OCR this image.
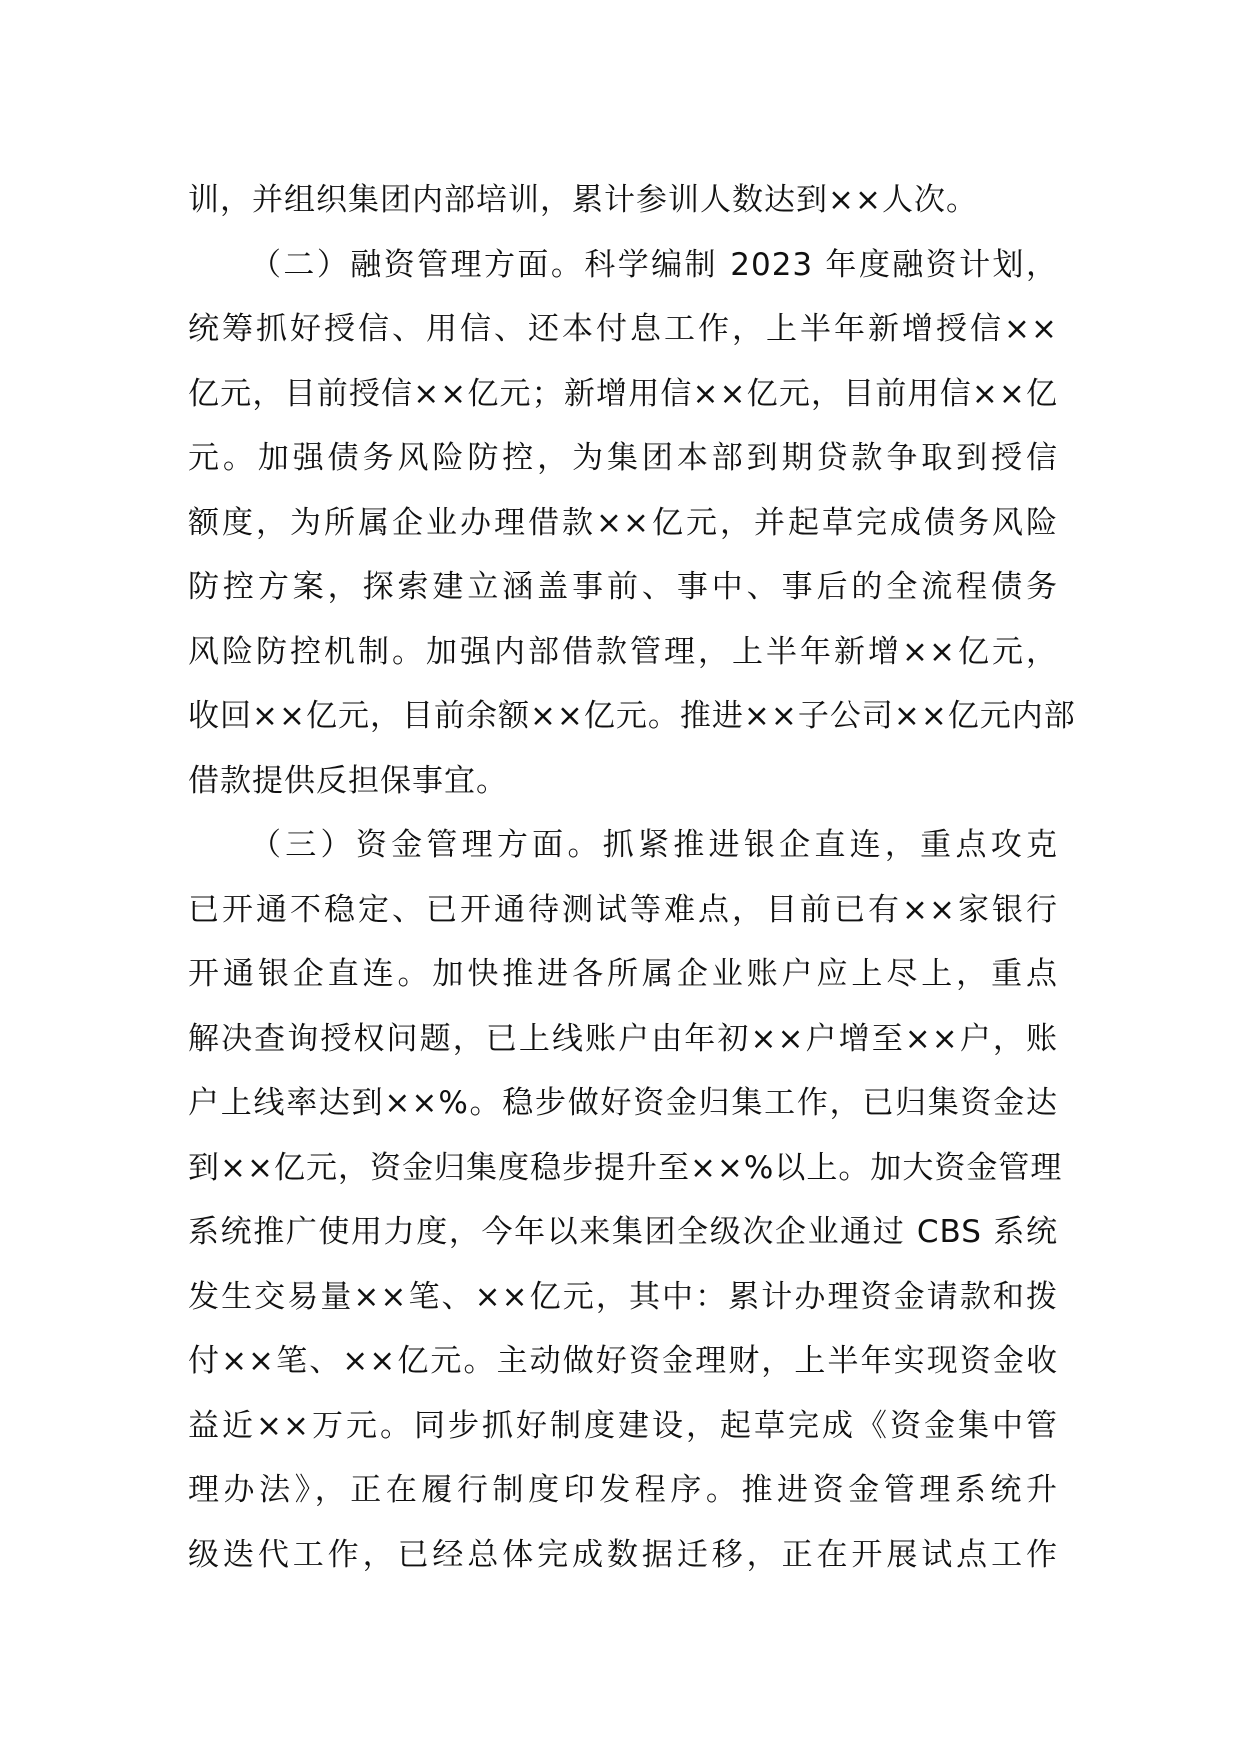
训，并组织集团内部培训，累计参训人数达到××人次。
（二）融资管理方面。科学编制 2023 年度融资计划，
统筹抓好授信、用信、还本付息工作，上半年新增授信××
亿元，目前授信××亿元；新增用信××亿元，目前用信××亿
元。加强债务风险防控，为集团本部到期贷款争取到授信
额度，为所属企业办理借款××亿元，并起草完成债务风险
防控方案，探索建立涵盖事前、事中、事后的全流程债务
风险防控机制。加强内部借款管理，上半年新增××亿元，
收回××亿元，目前余额××亿元。推进××子公司××亿元内部
借款提供反担保事宜。
（三）资金管理方面。抓紧推进银企直连，重点攻克
已开通不稳定、已开通待测试等难点，目前已有××家银行
开通银企直连。加快推进各所属企业账户应上尽上，重点
解决查询授权问题，已上线账户由年初××户增至××户，账
户上线率达到××%。稳步做好资金归集工作，已归集资金达
到××亿元，资金归集度稳步提升至××%以上。加大资金管理
系统推广使用力度，今年以来集团全级次企业通过 CBS 系统
发生交易量××笔、××亿元，其中：累计办理资金请款和拨
付××笔、××亿元。主动做好资金理财，上半年实现资金收
益近××万元。同步抓好制度建设，起草完成《资金集中管
理办法》，正在履行制度印发程序。推进资金管理系统升
级迭代工作，已经总体完成数据迁移，正在开展试点工作
